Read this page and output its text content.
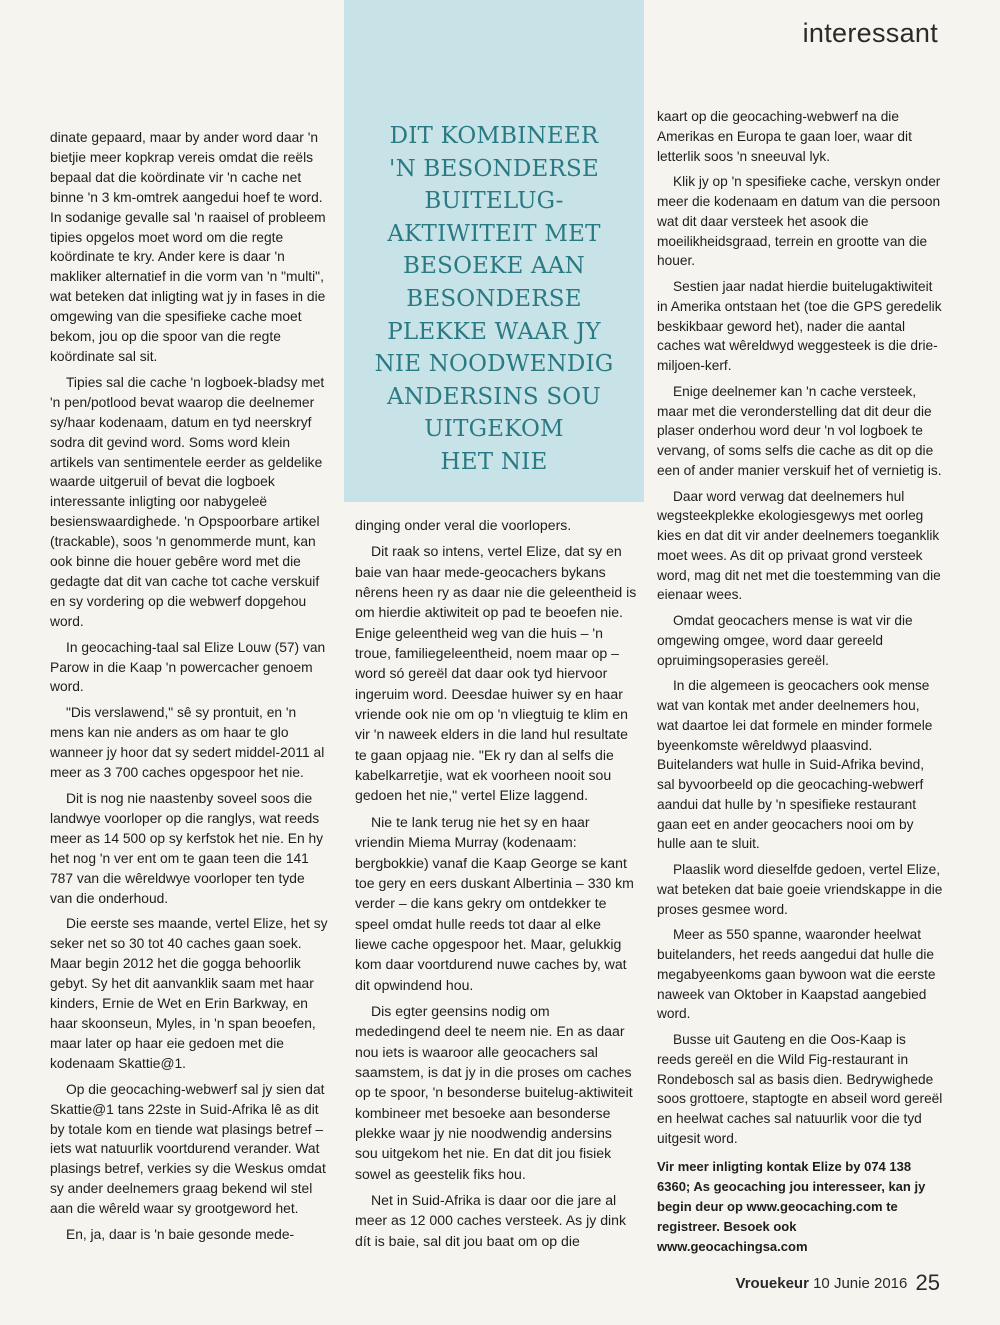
interessant
DIT KOMBINEER
'N BESONDERSE
BUITELUG-
AKTIWITEIT MET
BESOEKE AAN
BESONDERSE
PLEKKE WAAR JY
NIE NOODWENDIG
ANDERSINS SOU
UITGEKOM
HET NIE

dinate gepaard, maar by ander word daar 'n bietjie meer kopkrap vereis omdat die reëls bepaal dat die koördinate vir 'n cache net binne 'n 3 km-omtrek aangedui hoef te word. In sodanige gevalle sal 'n raaisel of probleem tipies opgelos moet word om die regte koördinate te kry. Ander kere is daar 'n makliker alternatief in die vorm van 'n "multi", wat beteken dat inligting wat jy in fases in die omgewing van die spesifieke cache moet bekom, jou op die spoor van die regte koördinate sal sit.

Tipies sal die cache 'n logboek-bladsy met 'n pen/potlood bevat waarop die deelnemer sy/haar kodenaam, datum en tyd neerskryf sodra dit gevind word. Soms word klein artikels van sentimentele eerder as geldelike waarde uitgeruil of bevat die logboek interessante inligting oor nabygeleë besienswaardighede. 'n Opspoorbare artikel (trackable), soos 'n genommerde munt, kan ook binne die houer gebêre word met die gedagte dat dit van cache tot cache verskuif en sy vordering op die webwerf dopgehou word.

In geocaching-taal sal Elize Louw (57) van Parow in die Kaap 'n powercacher genoem word.

"Dis verslawend," sê sy prontuit, en 'n mens kan nie anders as om haar te glo wanneer jy hoor dat sy sedert middel-2011 al meer as 3 700 caches opgespoor het nie.

Dit is nog nie naastenby soveel soos die landwye voorloper op die ranglys, wat reeds meer as 14 500 op sy kerfstok het nie. En hy het nog 'n ver ent om te gaan teen die 141 787 van die wêreldwye voorloper ten tyde van die onderhoud.

Die eerste ses maande, vertel Elize, het sy seker net so 30 tot 40 caches gaan soek. Maar begin 2012 het die gogga behoorlik gebyt. Sy het dit aanvanklik saam met haar kinders, Ernie de Wet en Erin Barkway, en haar skoonseun, Myles, in 'n span beoefen, maar later op haar eie gedoen met die kodenaam Skattie@1.

Op die geocaching-webwerf sal jy sien dat Skattie@1 tans 22ste in Suid-Afrika lê as dit by totale kom en tiende wat plasings betref – iets wat natuurlik voortdurend verander. Wat plasings betref, verkies sy die Weskus omdat sy ander deelnemers graag bekend wil stel aan die wêreld waar sy grootgeword het.

En, ja, daar is 'n baie gesonde mede-

dinging onder veral die voorlopers.

Dit raak so intens, vertel Elize, dat sy en baie van haar mede-geocachers bykans nêrens heen ry as daar nie die geleentheid is om hierdie aktiwiteit op pad te beoefen nie. Enige geleentheid weg van die huis – 'n troue, familiegeleentheid, noem maar op – word só gereël dat daar ook tyd hiervoor ingeruim word. Deesdae huiwer sy en haar vriende ook nie om op 'n vliegtuig te klim en vir 'n naweek elders in die land hul resultate te gaan opjaag nie. "Ek ry dan al selfs die kabelkarretjie, wat ek voorheen nooit sou gedoen het nie," vertel Elize laggend.

Nie te lank terug nie het sy en haar vriendin Miema Murray (kodenaam: bergbokkie) vanaf die Kaap George se kant toe gery en eers duskant Albertinia – 330 km verder – die kans gekry om ontdekker te speel omdat hulle reeds tot daar al elke liewe cache opgespoor het. Maar, gelukkig kom daar voortdurend nuwe caches by, wat dit opwindend hou.

Dis egter geensins nodig om mededingend deel te neem nie. En as daar nou iets is waaroor alle geocachers sal saamstem, is dat jy in die proses om caches op te spoor, 'n besonderse buitelug-aktiwiteit kombineer met besoeke aan besonderse plekke waar jy nie noodwendig andersins sou uitgekom het nie. En dat dit jou fisiek sowel as geestelik fiks hou.

Net in Suid-Afrika is daar oor die jare al meer as 12 000 caches versteek. As jy dink dít is baie, sal dit jou baat om op die

kaart op die geocaching-webwerf na die Amerikas en Europa te gaan loer, waar dit letterlik soos 'n sneeuval lyk.

Klik jy op 'n spesifieke cache, verskyn onder meer die kodenaam en datum van die persoon wat dit daar versteek het asook die moeilikheidsgraad, terrein en grootte van die houer.

Sestien jaar nadat hierdie buitelugaktiwiteit in Amerika ontstaan het (toe die GPS geredelik beskikbaar geword het), nader die aantal caches wat wêreldwyd weggesteek is die drie-miljoen-kerf.

Enige deelnemer kan 'n cache versteek, maar met die veronderstelling dat dit deur die plaser onderhou word deur 'n vol logboek te vervang, of soms selfs die cache as dit op die een of ander manier verskuif het of vernietig is.

Daar word verwag dat deelnemers hul wegsteekplekke ekologiesgewys met oorleg kies en dat dit vir ander deelnemers toeganklik moet wees. As dit op privaat grond versteek word, mag dit net met die toestemming van die eienaar wees.

Omdat geocachers mense is wat vir die omgewing omgee, word daar gereeld opruimingsoperasies gereël.

In die algemeen is geocachers ook mense wat van kontak met ander deelnemers hou, wat daartoe lei dat formele en minder formele byeenkomste wêreldwyd plaasvind. Buitelanders wat hulle in Suid-Afrika bevind, sal byvoorbeeld op die geocaching-webwerf aandui dat hulle by 'n spesifieke restaurant gaan eet en ander geocachers nooi om by hulle aan te sluit.

Plaaslik word dieselfde gedoen, vertel Elize, wat beteken dat baie goeie vriendskappe in die proses gesmee word.

Meer as 550 spanne, waaronder heelwat buitelanders, het reeds aangedui dat hulle die megabyeenkoms gaan bywoon wat die eerste naweek van Oktober in Kaapstad aangebied word.

Busse uit Gauteng en die Oos-Kaap is reeds gereël en die Wild Fig-restaurant in Rondebosch sal as basis dien. Bedrywighede soos grottoere, staptogte en abseil word gereël en heelwat caches sal natuurlik voor die tyd uitgesit word.

Vir meer inligting kontak Elize by 074 138 6360; As geocaching jou interesseer, kan jy begin deur op www.geocaching.com te registreer. Besoek ook www.geocachingsa.com
Vrouekeur 10 Junie 2016 25
